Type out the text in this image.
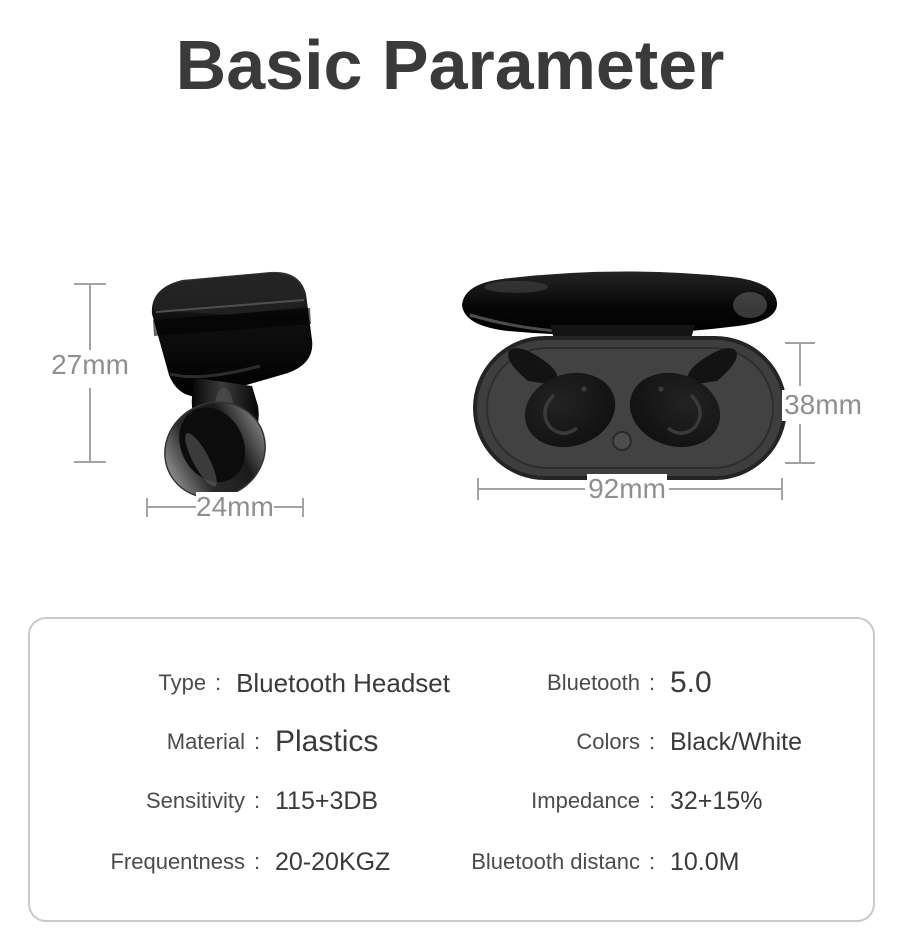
Basic Parameter
27mm
24mm
38mm
92mm
Type : Bluetooth Headset	Bluetooth : 5.0
Material : Plastics	Colors : Black/White
Sensitivity : 115+3DB	Impedance : 32+15%
Frequentness : 20-20KGZ	Bluetooth distanc : 10.0M
